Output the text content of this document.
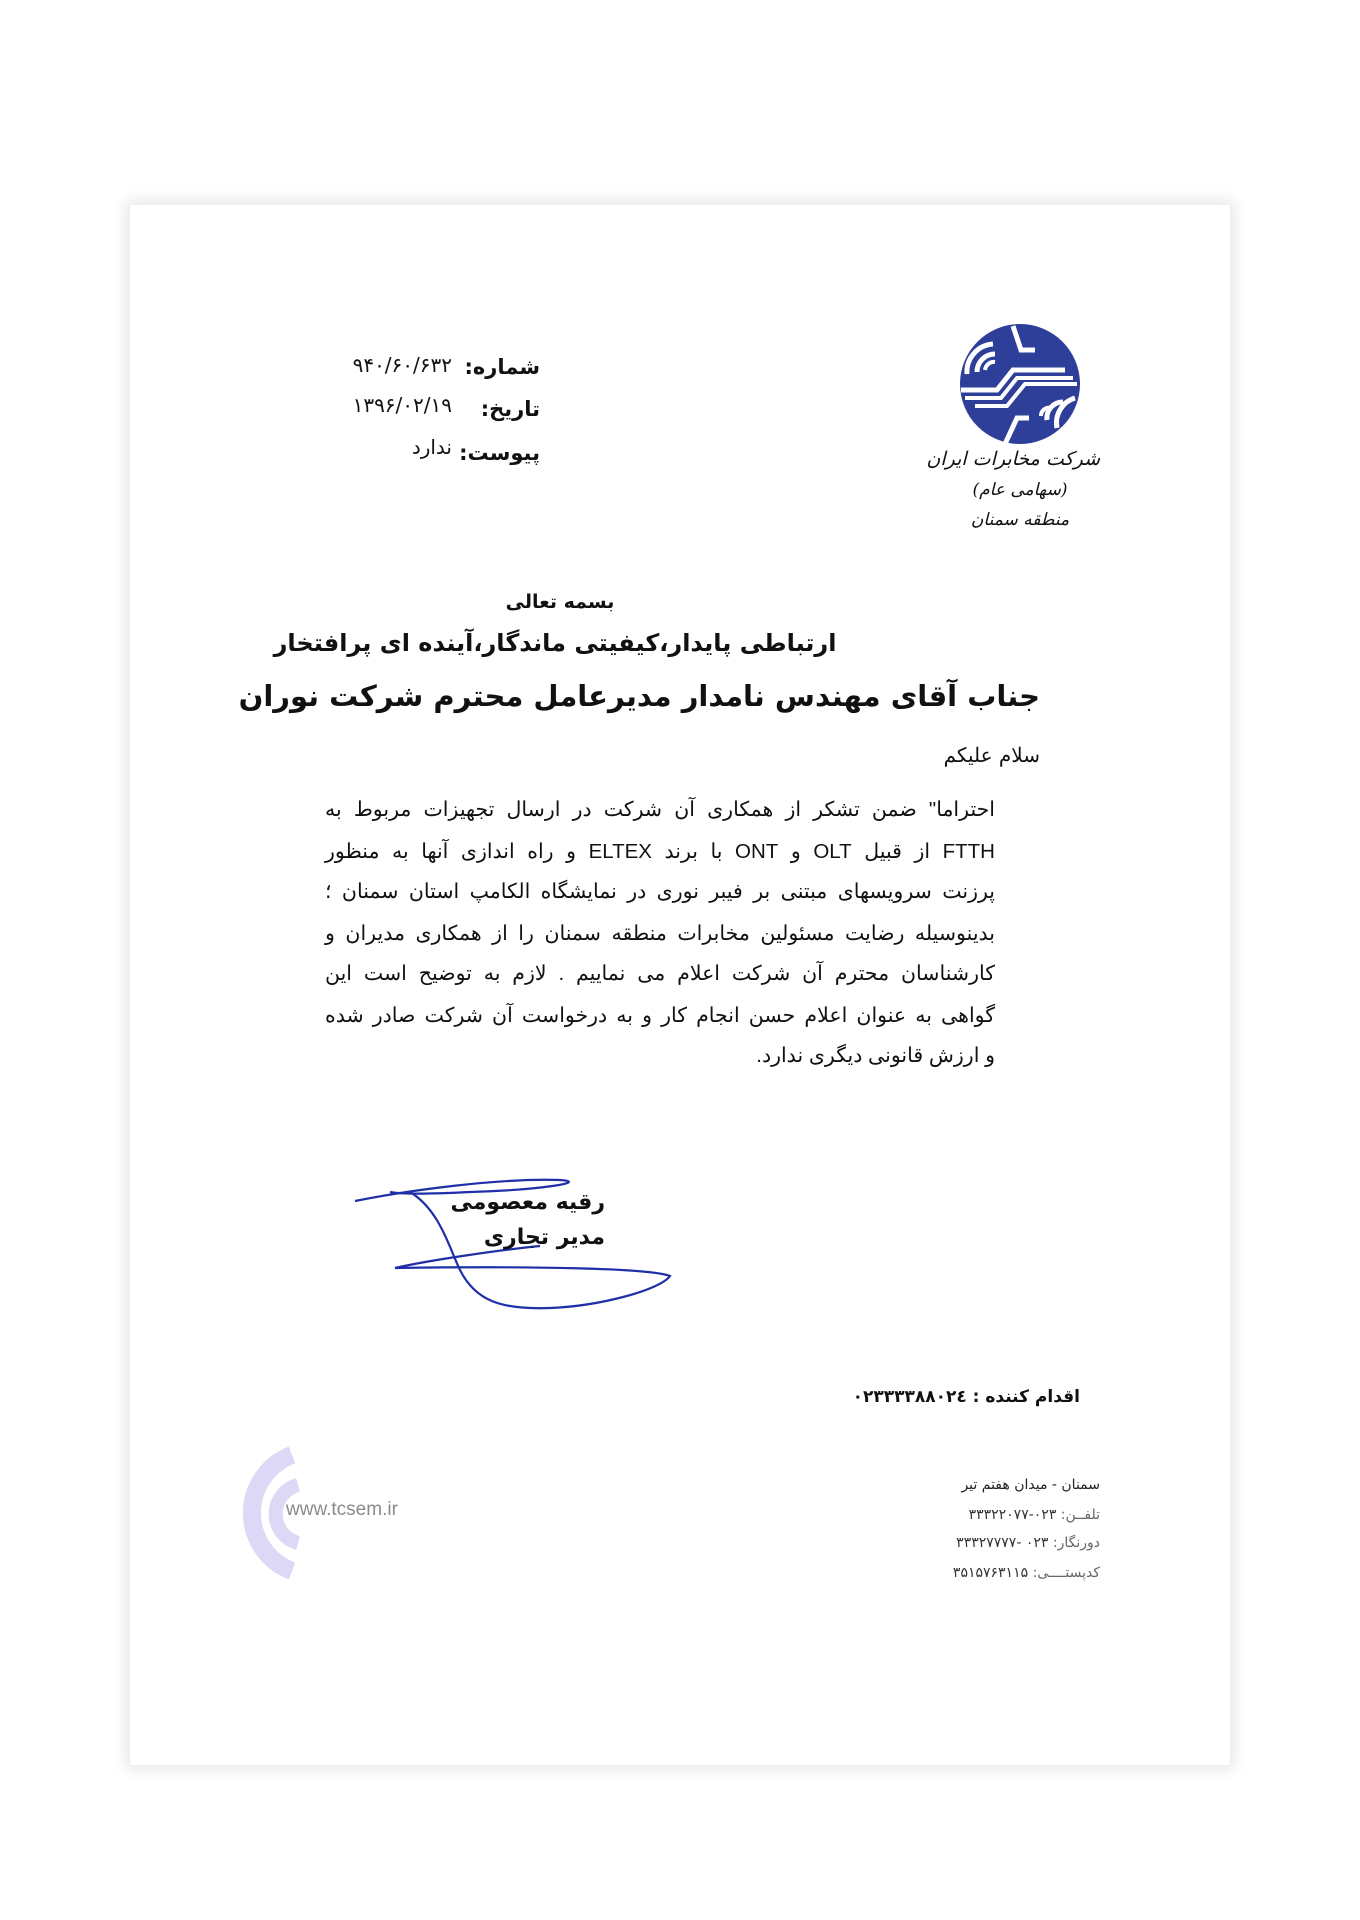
شرکت مخابرات ایران
(سهامی عام)
منطقه سمنان
شماره:
۹۴۰/۶۰/۶۳۲
تاریخ:
۱۳۹۶/۰۲/۱۹
پیوست:
ندارد
بسمه تعالی
ارتباطی پایدار،کیفیتی ماندگار،آینده ای پرافتخار
جناب آقای مهندس نامدار مدیرعامل محترم شرکت نوران
سلام علیکم
احتراما" ضمن تشکر از همکاری آن شرکت در ارسال تجهیزات مربوط به
FTTH از قبیل OLT و ONT با برند ELTEX و راه اندازی آنها به منظور
پرزنت سرویسهای مبتنی بر فیبر نوری در نمایشگاه الکامپ استان سمنان ؛
بدینوسیله رضایت مسئولین مخابرات منطقه سمنان را از همکاری مدیران و
کارشناسان محترم آن شرکت اعلام می نماییم . لازم به توضیح است این
گواهی به عنوان اعلام حسن انجام کار و به درخواست آن شرکت صادر شده
و ارزش قانونی دیگری ندارد.
رقیه معصومی
مدیر تجاری
اقدام کننده : ۰۲۳۳۳۳۸۸۰۲٤
www.tcsem.ir
سمنان - میدان هفتم تیر
تلفــن: ۰۲۳-۳۳۳۲۲۰۷۷
دورنگار: ۰۲۳ -۳۳۳۲۷۷۷۷
کدپستــــی: ۳۵۱۵۷۶۳۱۱۵
